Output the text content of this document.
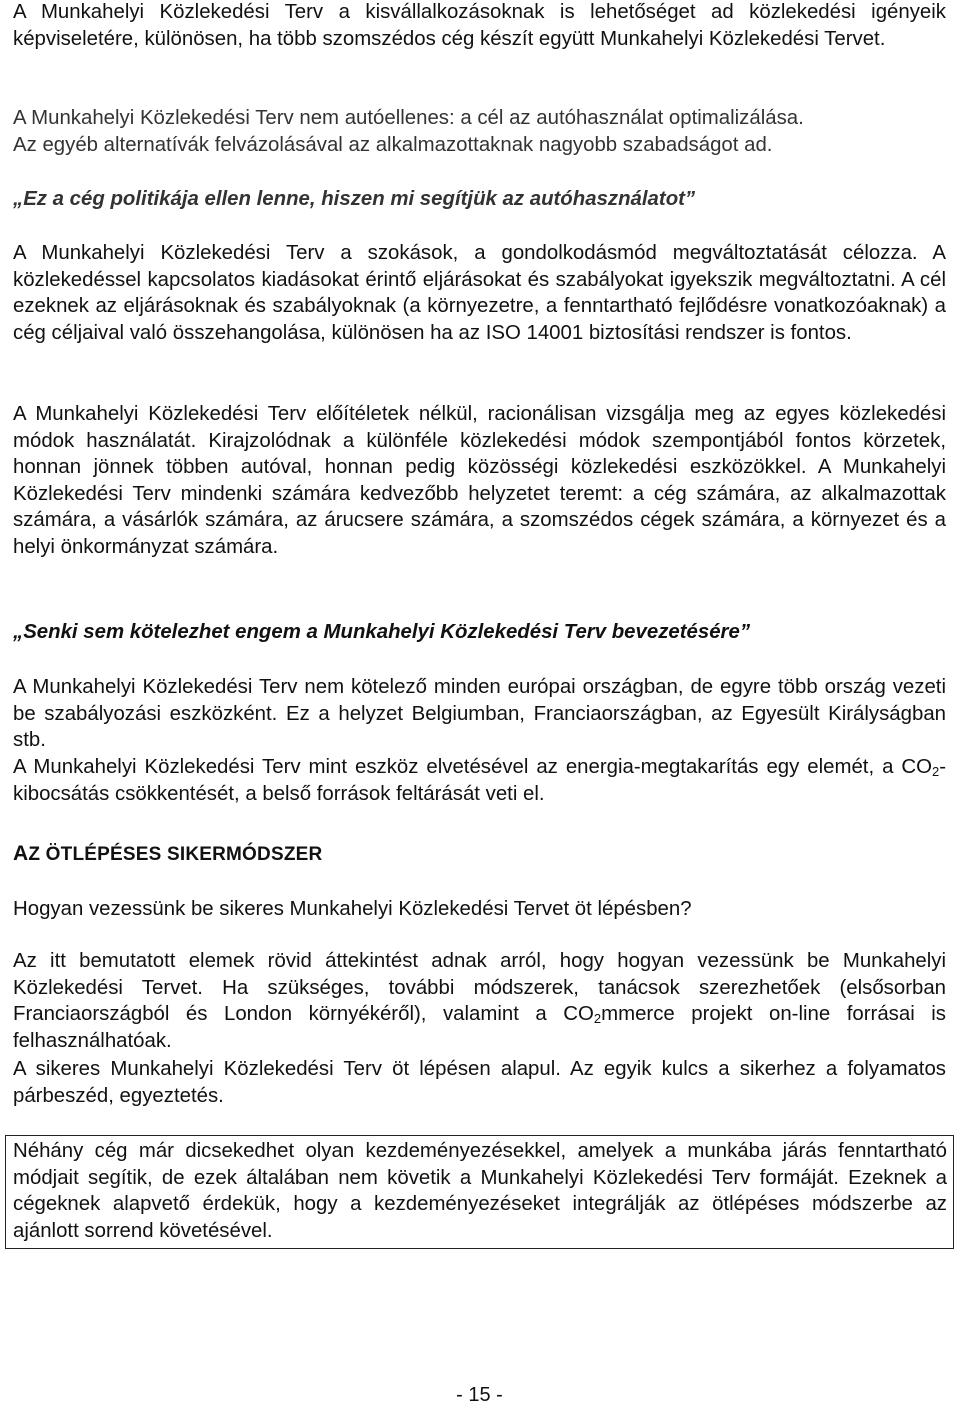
A Munkahelyi Közlekedési Terv a kisvállalkozásoknak is lehetőséget ad közlekedési igényeik képviseletére, különösen, ha több szomszédos cég készít együtt Munkahelyi Közlekedési Tervet.

A Munkahelyi Közlekedési Terv nem autóellenes: a cél az autóhasználat optimalizálása.

Az egyéb alternatívák felvázolásával az alkalmazottaknak nagyobb szabadságot ad.

„Ez a cég politikája ellen lenne, hiszen mi segítjük az autóhasználatot”

A Munkahelyi Közlekedési Terv a szokások, a gondolkodásmód megváltoztatását célozza. A közlekedéssel kapcsolatos kiadásokat érintő eljárásokat és szabályokat igyekszik megváltoztatni. A cél ezeknek az eljárásoknak és szabályoknak (a környezetre, a fenntartható fejlődésre vonatkozóaknak) a cég céljaival való összehangolása, különösen ha az ISO 14001 biztosítási rendszer is fontos.

A Munkahelyi Közlekedési Terv előítéletek nélkül, racionálisan vizsgálja meg az egyes közlekedési módok használatát. Kirajzolódnak a különféle közlekedési módok szempontjából fontos körzetek, honnan jönnek többen autóval, honnan pedig közösségi közlekedési eszközökkel. A Munkahelyi Közlekedési Terv mindenki számára kedvezőbb helyzetet teremt: a cég számára, az alkalmazottak számára, a vásárlók számára, az árucsere számára, a szomszédos cégek számára, a környezet és a helyi önkormányzat számára.

„Senki sem kötelezhet engem a Munkahelyi Közlekedési Terv bevezetésére”

A Munkahelyi Közlekedési Terv nem kötelező minden európai országban, de egyre több ország vezeti be szabályozási eszközként. Ez a helyzet Belgiumban, Franciaországban, az Egyesült Királyságban stb.

A Munkahelyi Közlekedési Terv mint eszköz elvetésével az energia-megtakarítás egy elemét, a $CO_2$-kibocsátás csökkentését, a belső források feltárását veti el.

AZ ÖTLÉPÉSES SIKERMÓDSZER

Hogyan vezessünk be sikeres Munkahelyi Közlekedési Tervet öt lépésben?

Az itt bemutatott elemek rövid áttekintést adnak arról, hogy hogyan vezessünk be Munkahelyi Közlekedési Tervet. Ha szükséges, további módszerek, tanácsok szerezhetőek (elsősorban Franciaországból és London környékéről), valamint a $CO_2mmerce$ projekt on-line forrásai is felhasználhatóak.

A sikeres Munkahelyi Közlekedési Terv öt lépésen alapul. Az egyik kulcs a sikerhez a folyamatos párbeszéd, egyeztetés.

Néhány cég már dicsekedhet olyan kezdeményezésekkel, amelyek a munkába járás fenntartható módjait segítik, de ezek általában nem követik a Munkahelyi Közlekedési Terv formáját. Ezeknek a cégeknek alapvető érdekük, hogy a kezdeményezéseket integrálják az ötlépéses módszerbe az ajánlott sorrend követésével.

- 15 -
